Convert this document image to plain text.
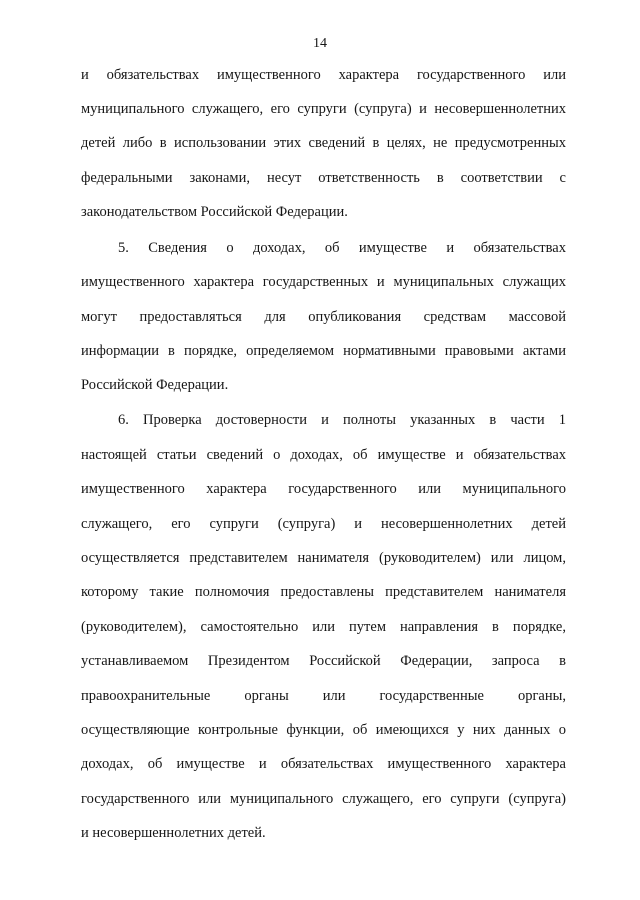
14
и обязательствах имущественного характера государственного или
муниципального служащего, его супруги (супруга) и несовершеннолетних
детей либо в использовании этих сведений в целях, не предусмотренных
федеральными законами, несут ответственность в соответствии с
законодательством Российской Федерации.
5. Сведения о доходах, об имуществе и обязательствах
имущественного характера государственных и муниципальных служащих
могут предоставляться для опубликования средствам массовой
информации в порядке, определяемом нормативными правовыми актами
Российской Федерации.
6. Проверка достоверности и полноты указанных в части 1
настоящей статьи сведений о доходах, об имуществе и обязательствах
имущественного характера государственного или муниципального
служащего, его супруги (супруга) и несовершеннолетних детей
осуществляется представителем нанимателя (руководителем) или лицом,
которому такие полномочия предоставлены представителем нанимателя
(руководителем), самостоятельно или путем направления в порядке,
устанавливаемом Президентом Российской Федерации, запроса в
правоохранительные органы или государственные органы,
осуществляющие контрольные функции, об имеющихся у них данных о
доходах, об имуществе и обязательствах имущественного характера
государственного или муниципального служащего, его супруги (супруга)
и несовершеннолетних детей.
